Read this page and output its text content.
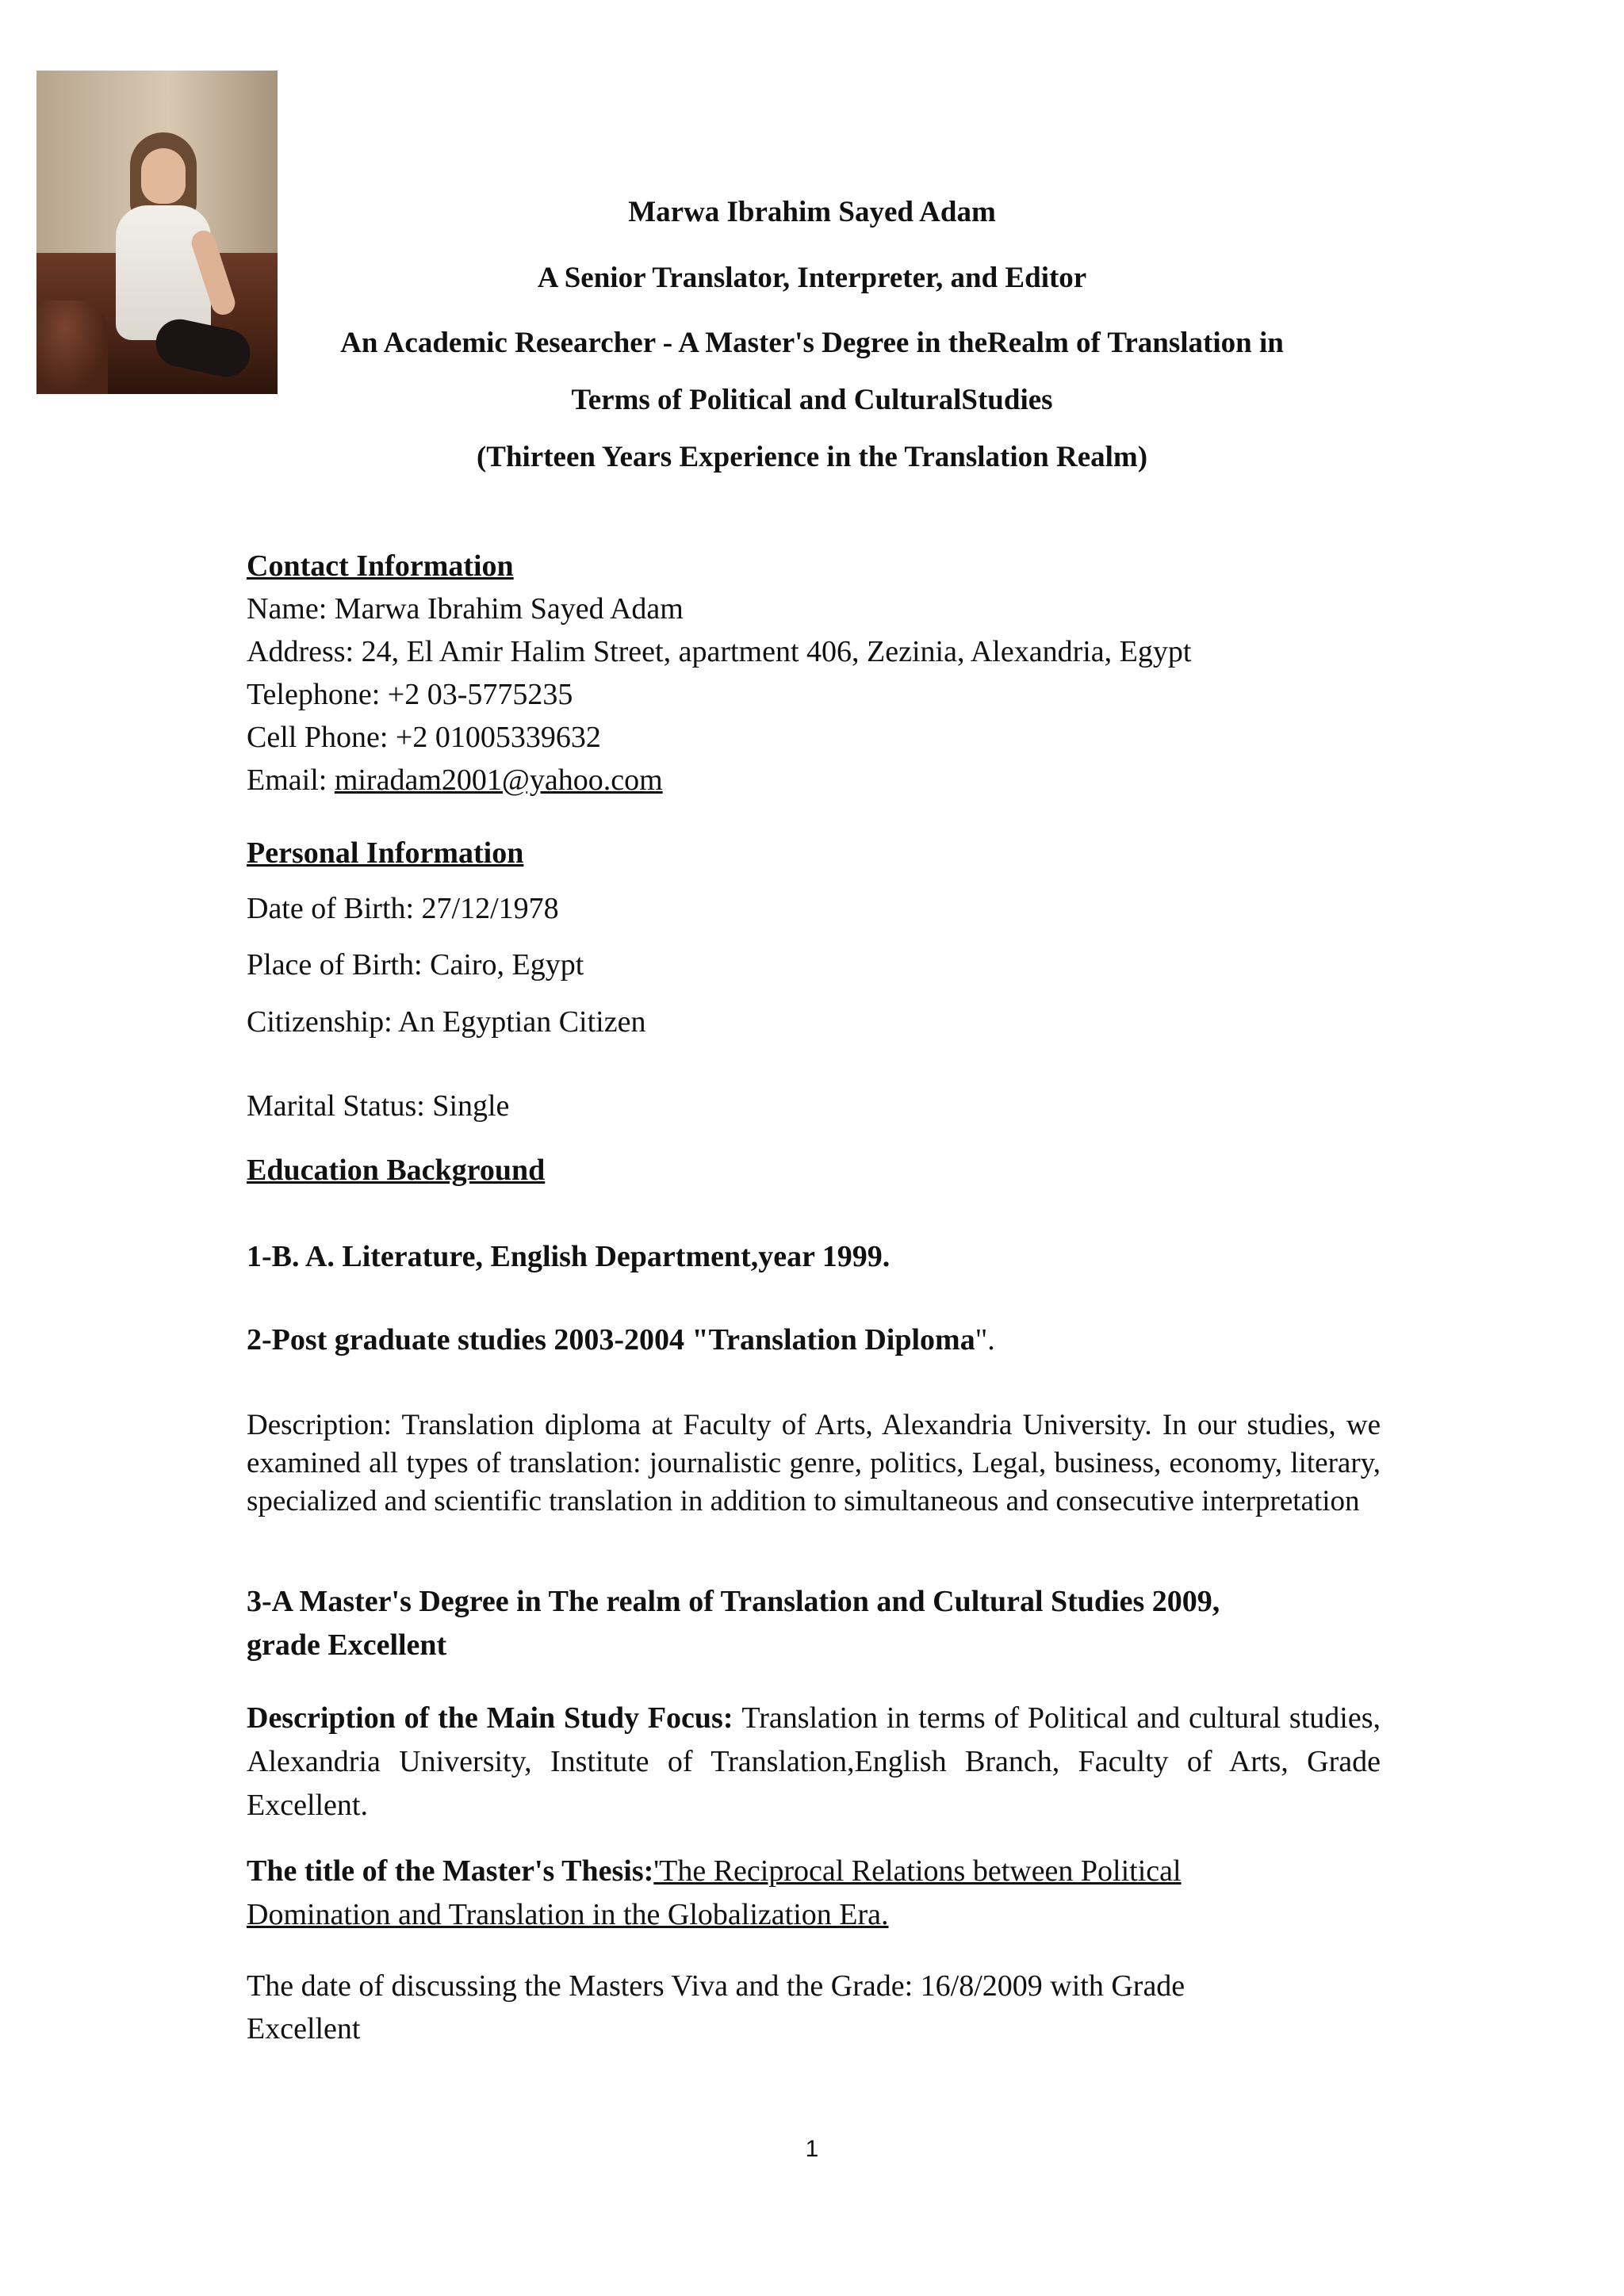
Marwa Ibrahim Sayed Adam
A Senior Translator, Interpreter, and Editor
An Academic Researcher - A Master's Degree in theRealm of Translation in
Terms of Political and CulturalStudies
(Thirteen Years Experience in the Translation Realm)
Contact Information
Name: Marwa Ibrahim Sayed Adam
Address: 24, El Amir Halim Street, apartment 406, Zezinia, Alexandria, Egypt
Telephone: +2 03-5775235
Cell Phone: +2 01005339632
Email: miradam2001@yahoo.com
Personal Information
Date of Birth: 27/12/1978
Place of Birth: Cairo, Egypt
Citizenship: An Egyptian Citizen
Marital Status: Single
Education Background
1-B. A. Literature, English Department,year 1999.
2-Post graduate studies 2003-2004 "Translation Diploma".
Description: Translation diploma at Faculty of Arts, Alexandria University. In our studies, we examined all types of translation: journalistic genre, politics, Legal, business, economy, literary, specialized and scientific translation in addition to simultaneous and consecutive interpretation
3-A Master's Degree in The realm of Translation and Cultural Studies 2009,
grade Excellent
Description of the Main Study Focus: Translation in terms of Political and cultural studies, Alexandria University, Institute of Translation,English Branch, Faculty of Arts, Grade Excellent.
The title of the Master's Thesis:'The Reciprocal Relations between Political
Domination and Translation in the Globalization Era.
The date of discussing the Masters Viva and the Grade: 16/8/2009 with Grade
Excellent
1
